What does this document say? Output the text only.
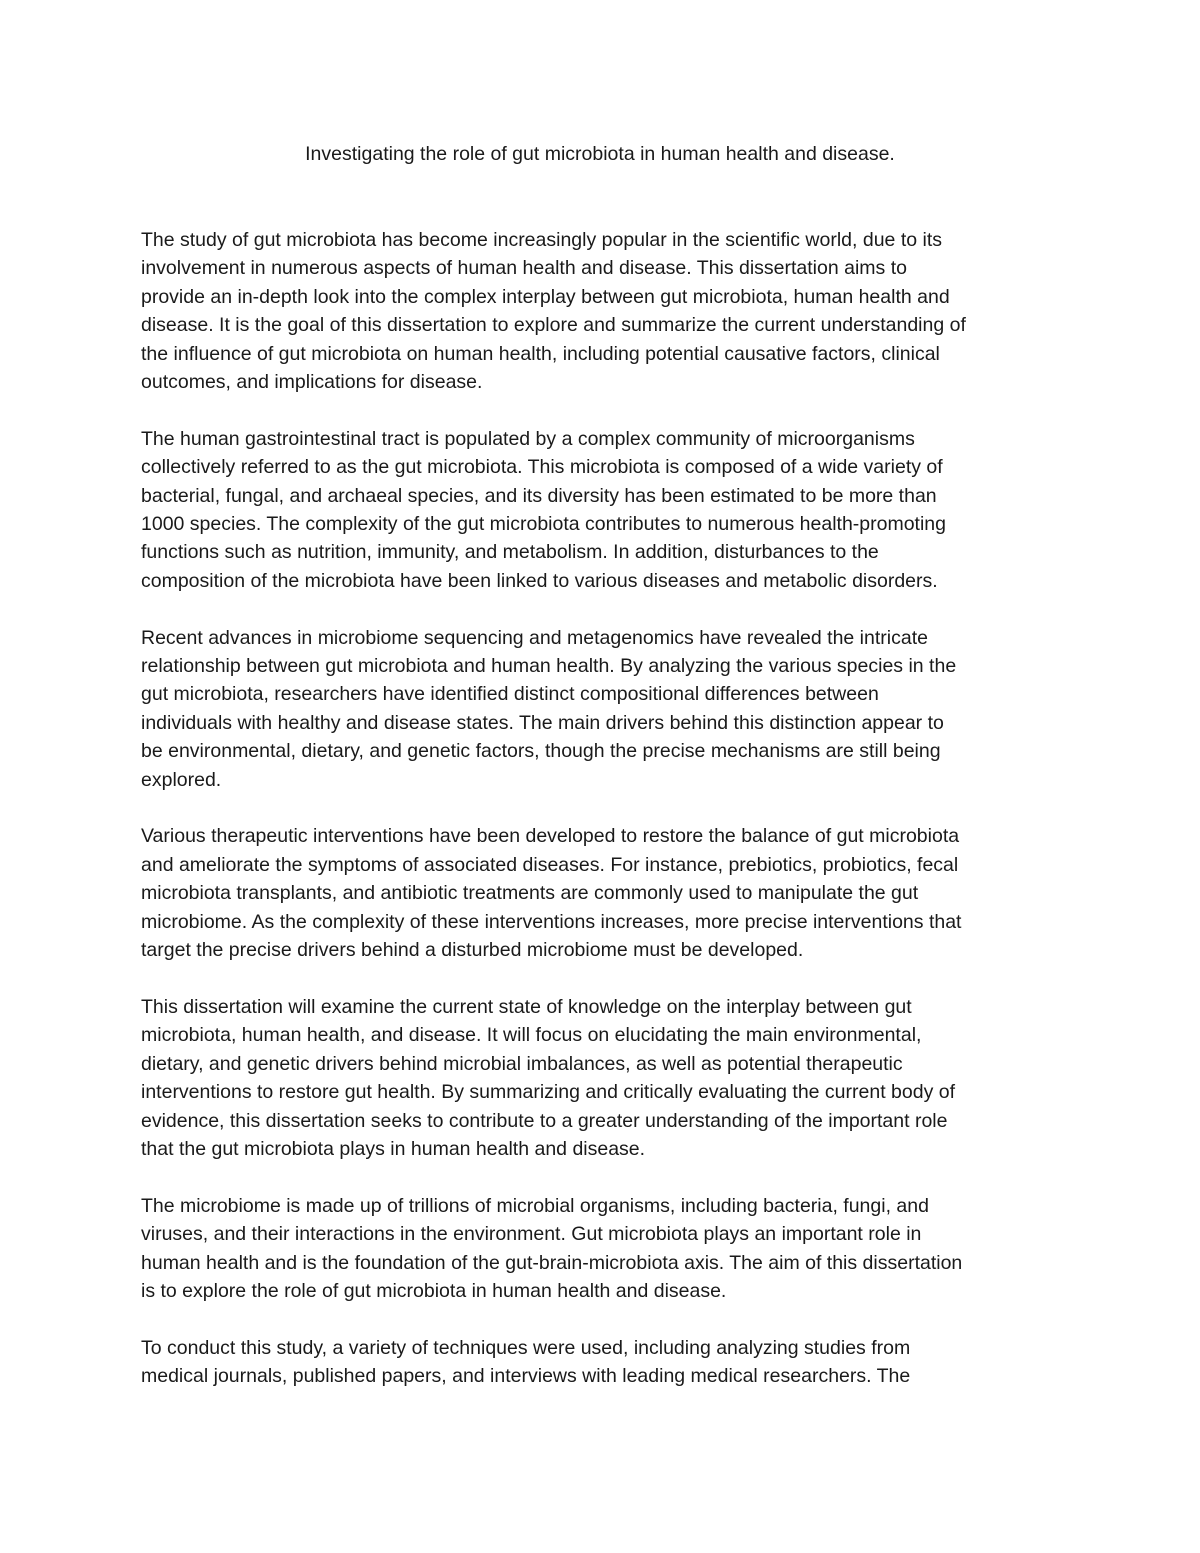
Investigating the role of gut microbiota in human health and disease.

The study of gut microbiota has become increasingly popular in the scientific world, due to its
involvement in numerous aspects of human health and disease. This dissertation aims to
provide an in-depth look into the complex interplay between gut microbiota, human health and
disease. It is the goal of this dissertation to explore and summarize the current understanding of
the influence of gut microbiota on human health, including potential causative factors, clinical
outcomes, and implications for disease.

The human gastrointestinal tract is populated by a complex community of microorganisms
collectively referred to as the gut microbiota. This microbiota is composed of a wide variety of
bacterial, fungal, and archaeal species, and its diversity has been estimated to be more than
1000 species. The complexity of the gut microbiota contributes to numerous health-promoting
functions such as nutrition, immunity, and metabolism. In addition, disturbances to the
composition of the microbiota have been linked to various diseases and metabolic disorders.

Recent advances in microbiome sequencing and metagenomics have revealed the intricate
relationship between gut microbiota and human health. By analyzing the various species in the
gut microbiota, researchers have identified distinct compositional differences between
individuals with healthy and disease states. The main drivers behind this distinction appear to
be environmental, dietary, and genetic factors, though the precise mechanisms are still being
explored.

Various therapeutic interventions have been developed to restore the balance of gut microbiota
and ameliorate the symptoms of associated diseases. For instance, prebiotics, probiotics, fecal
microbiota transplants, and antibiotic treatments are commonly used to manipulate the gut
microbiome. As the complexity of these interventions increases, more precise interventions that
target the precise drivers behind a disturbed microbiome must be developed.

This dissertation will examine the current state of knowledge on the interplay between gut
microbiota, human health, and disease. It will focus on elucidating the main environmental,
dietary, and genetic drivers behind microbial imbalances, as well as potential therapeutic
interventions to restore gut health. By summarizing and critically evaluating the current body of
evidence, this dissertation seeks to contribute to a greater understanding of the important role
that the gut microbiota plays in human health and disease.

The microbiome is made up of trillions of microbial organisms, including bacteria, fungi, and
viruses, and their interactions in the environment. Gut microbiota plays an important role in
human health and is the foundation of the gut-brain-microbiota axis. The aim of this dissertation
is to explore the role of gut microbiota in human health and disease.

To conduct this study, a variety of techniques were used, including analyzing studies from
medical journals, published papers, and interviews with leading medical researchers. The
